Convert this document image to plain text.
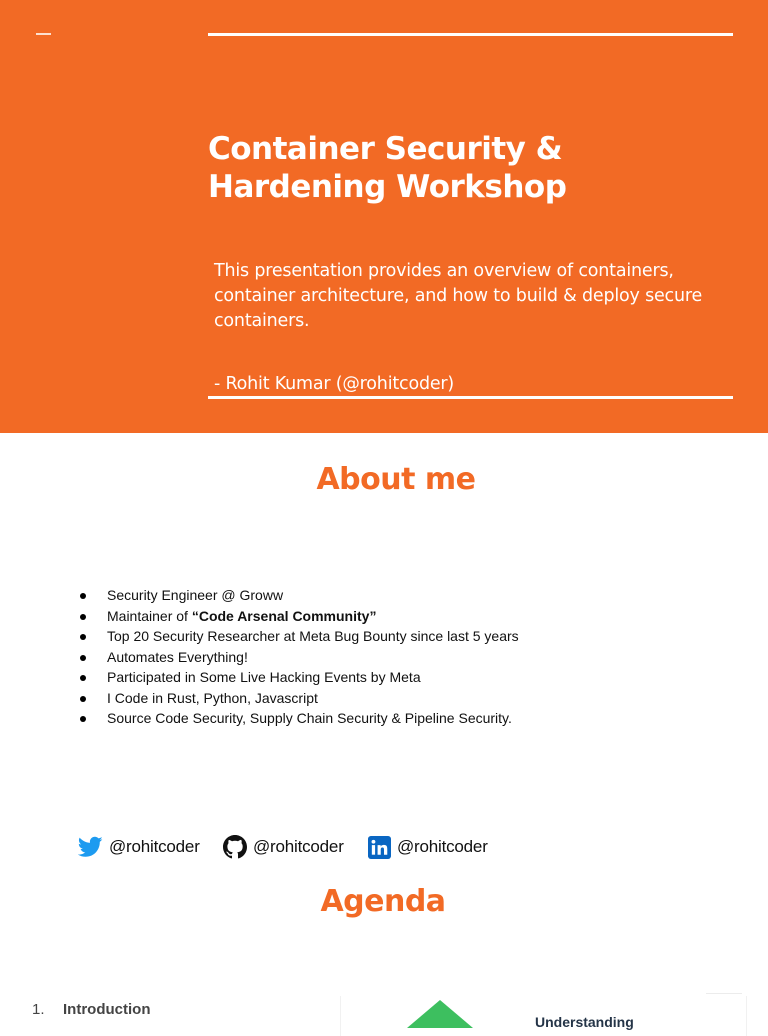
Container Security & Hardening Workshop

This presentation provides an overview of containers, container architecture, and how to build & deploy secure containers.

- Rohit Kumar (@rohitcoder)

About me
Security Engineer @ Groww
Maintainer of “Code Arsenal Community”
Top 20 Security Researcher at Meta Bug Bounty since last 5 years
Automates Everything!
Participated in Some Live Hacking Events by Meta
I Code in Rust, Python, Javascript
Source Code Security, Supply Chain Security & Pipeline Security.
@rohitcoder	@rohitcoder	@rohitcoder
Agenda
1. Introduction
Understanding
